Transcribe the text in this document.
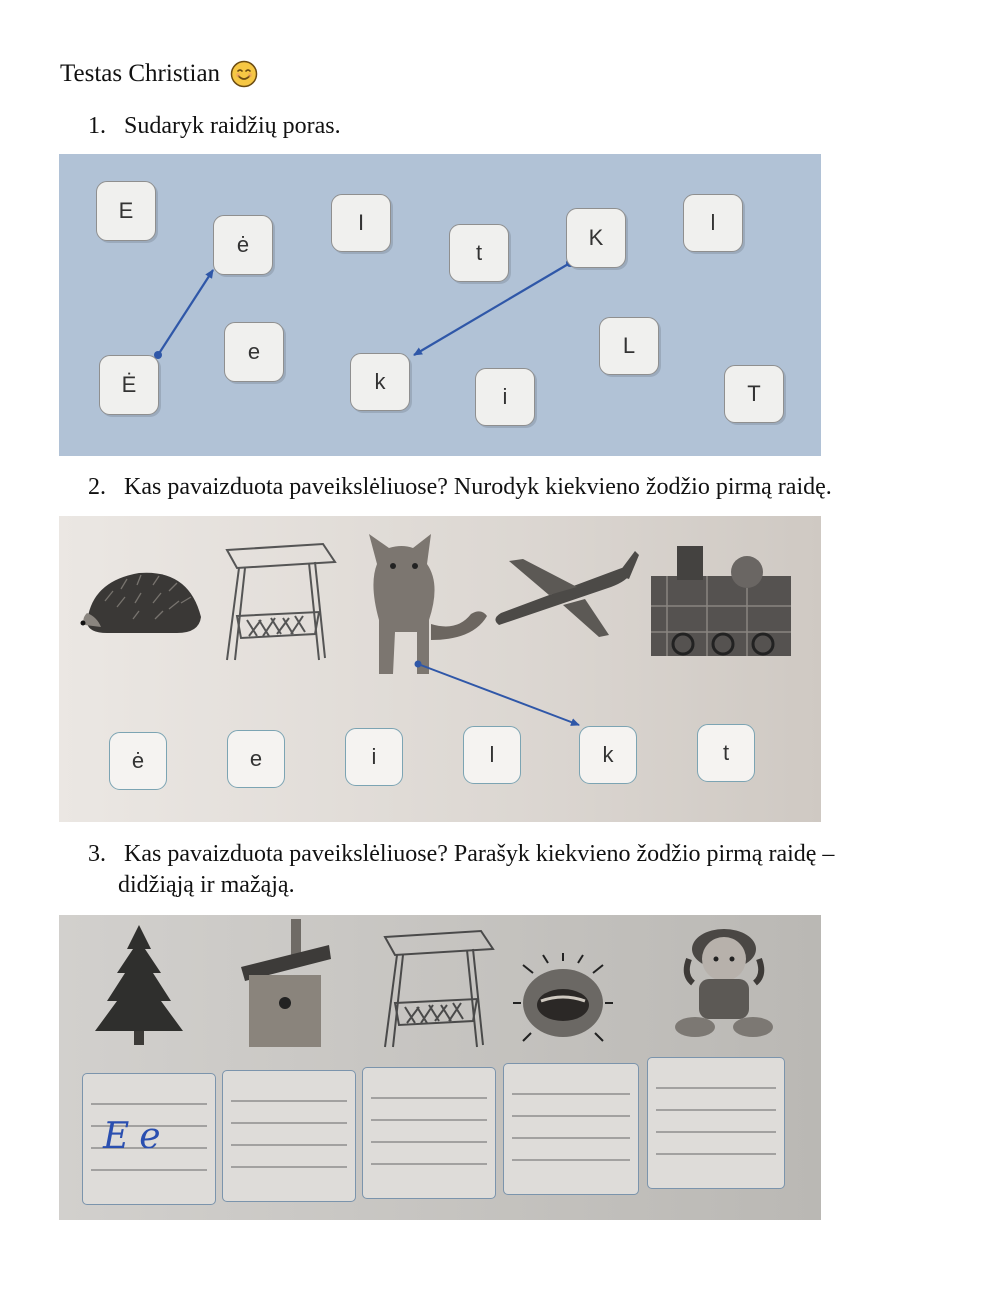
Testas Christian
1. Sudaryk raidžių poras.
E
ė
I
t
K
l
Ė
e
k
i
L
T
2. Kas pavaizduota paveikslėliuose? Nurodyk kiekvieno žodžio pirmą raidę.
ė	e	i	l	k	t
3. Kas pavaizduota paveikslėliuose? Parašyk kiekvieno žodžio pirmą raidę –
didžiąją ir mažąją.
Ee
